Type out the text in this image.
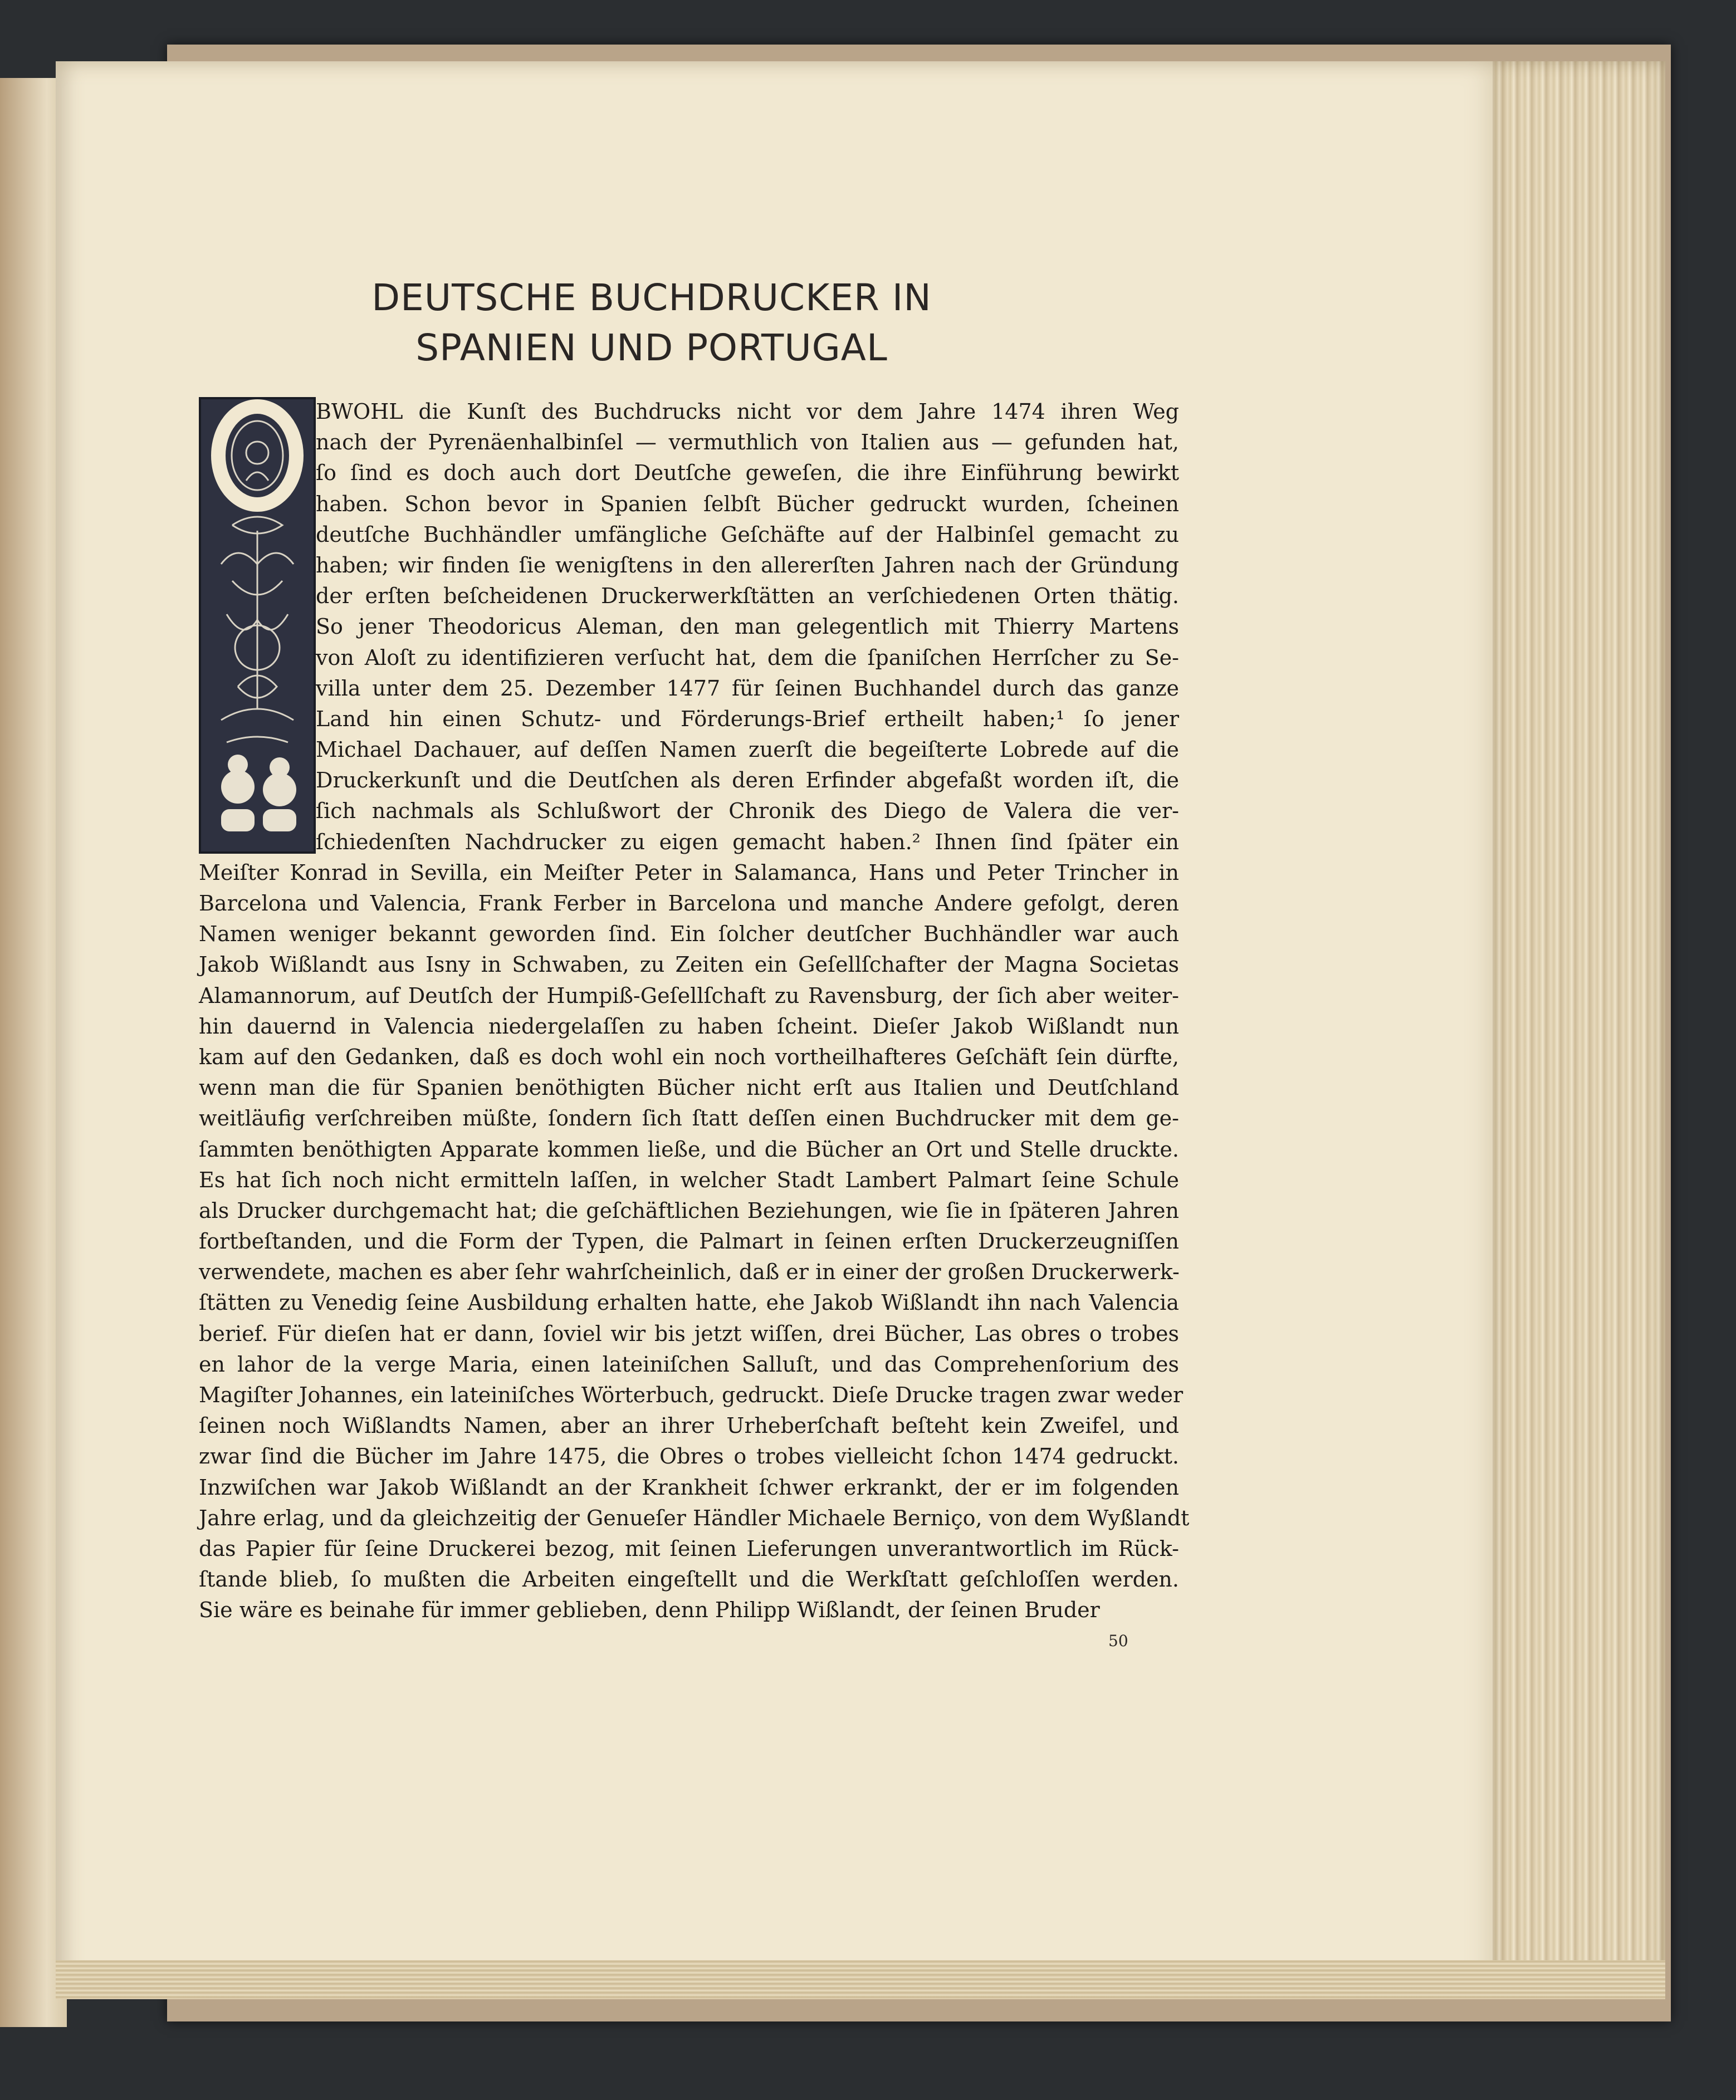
DEUTSCHE BUCHDRUCKER IN
SPANIEN UND PORTUGAL
BWOHL die Kunſt des Buchdrucks nicht vor dem Jahre 1474 ihren Weg
nach der Pyrenäenhalbinſel — vermuthlich von Italien aus — gefunden hat,
ſo ſind es doch auch dort Deutſche geweſen, die ihre Einführung bewirkt
haben. Schon bevor in Spanien ſelbſt Bücher gedruckt wurden, ſcheinen
deutſche Buchhändler umfängliche Geſchäfte auf der Halbinſel gemacht zu
haben; wir finden ſie wenigſtens in den allererſten Jahren nach der Gründung
der erſten beſcheidenen Druckerwerkſtätten an verſchiedenen Orten thätig.
So jener Theodoricus Aleman, den man gelegentlich mit Thierry Martens
von Aloſt zu identifizieren verſucht hat, dem die ſpaniſchen Herrſcher zu Se-
villa unter dem 25. Dezember 1477 für ſeinen Buchhandel durch das ganze
Land hin einen Schutz- und Förderungs-Brief ertheilt haben;¹ ſo jener
Michael Dachauer, auf deſſen Namen zuerſt die begeiſterte Lobrede auf die
Druckerkunſt und die Deutſchen als deren Erfinder abgefaßt worden iſt, die
ſich nachmals als Schlußwort der Chronik des Diego de Valera die ver-
ſchiedenſten Nachdrucker zu eigen gemacht haben.² Ihnen ſind ſpäter ein
Meiſter Konrad in Sevilla, ein Meiſter Peter in Salamanca, Hans und Peter Trincher in
Barcelona und Valencia, Frank Ferber in Barcelona und manche Andere gefolgt, deren
Namen weniger bekannt geworden ſind. Ein ſolcher deutſcher Buchhändler war auch
Jakob Wißlandt aus Isny in Schwaben, zu Zeiten ein Geſellſchafter der Magna Societas
Alamannorum, auf Deutſch der Humpiß-Geſellſchaft zu Ravensburg, der ſich aber weiter-
hin dauernd in Valencia niedergelaſſen zu haben ſcheint. Dieſer Jakob Wißlandt nun
kam auf den Gedanken, daß es doch wohl ein noch vortheilhafteres Geſchäft ſein dürfte,
wenn man die für Spanien benöthigten Bücher nicht erſt aus Italien und Deutſchland
weitläufig verſchreiben müßte, ſondern ſich ſtatt deſſen einen Buchdrucker mit dem ge-
ſammten benöthigten Apparate kommen ließe, und die Bücher an Ort und Stelle druckte.
Es hat ſich noch nicht ermitteln laſſen, in welcher Stadt Lambert Palmart ſeine Schule
als Drucker durchgemacht hat; die geſchäftlichen Beziehungen, wie ſie in ſpäteren Jahren
fortbeſtanden, und die Form der Typen, die Palmart in ſeinen erſten Druckerzeugniſſen
verwendete, machen es aber ſehr wahrſcheinlich, daß er in einer der großen Druckerwerk-
ſtätten zu Venedig ſeine Ausbildung erhalten hatte, ehe Jakob Wißlandt ihn nach Valencia
berief. Für dieſen hat er dann, ſoviel wir bis jetzt wiſſen, drei Bücher, Las obres o trobes
en lahor de la verge Maria, einen lateiniſchen Salluſt, und das Comprehenſorium des
Magiſter Johannes, ein lateiniſches Wörterbuch, gedruckt. Dieſe Drucke tragen zwar weder
ſeinen noch Wißlandts Namen, aber an ihrer Urheberſchaft beſteht kein Zweifel, und
zwar ſind die Bücher im Jahre 1475, die Obres o trobes vielleicht ſchon 1474 gedruckt.
Inzwiſchen war Jakob Wißlandt an der Krankheit ſchwer erkrankt, der er im folgenden
Jahre erlag, und da gleichzeitig der Genueſer Händler Michaele Berniço, von dem Wyßlandt
das Papier für ſeine Druckerei bezog, mit ſeinen Lieferungen unverantwortlich im Rück-
ſtande blieb, ſo mußten die Arbeiten eingeſtellt und die Werkſtatt geſchloſſen werden.
Sie wäre es beinahe für immer geblieben, denn Philipp Wißlandt, der ſeinen Bruder
50
